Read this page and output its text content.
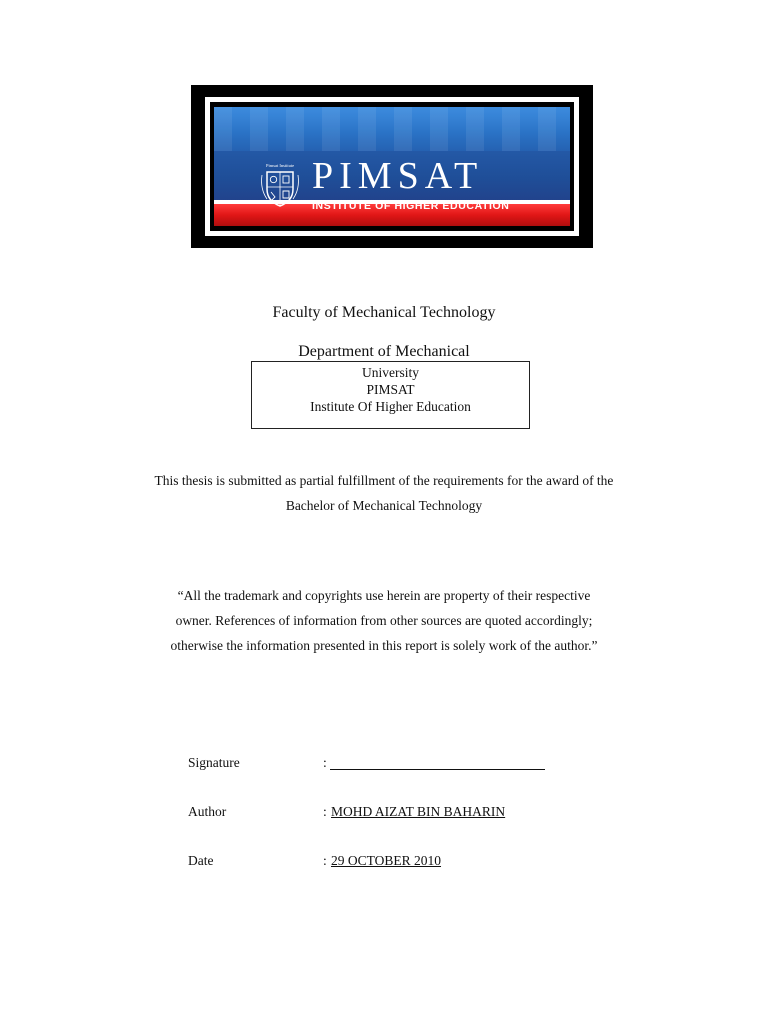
Pimsat Institute PIMSAT
INSTITUTE OF HIGHER EDUCATION
Faculty of Mechanical Technology
Department of Mechanical
University
PIMSAT
Institute Of Higher Education
This thesis is submitted as partial fulfillment of the requirements for the award of the
Bachelor of Mechanical Technology
“All the trademark and copyrights use herein are property of their respective
owner. References of information from other sources are quoted accordingly;
otherwise the information presented in this report is solely work of the author.”
Signature	:
Author	: MOHD AIZAT BIN BAHARIN
Date	: 29 OCTOBER 2010
